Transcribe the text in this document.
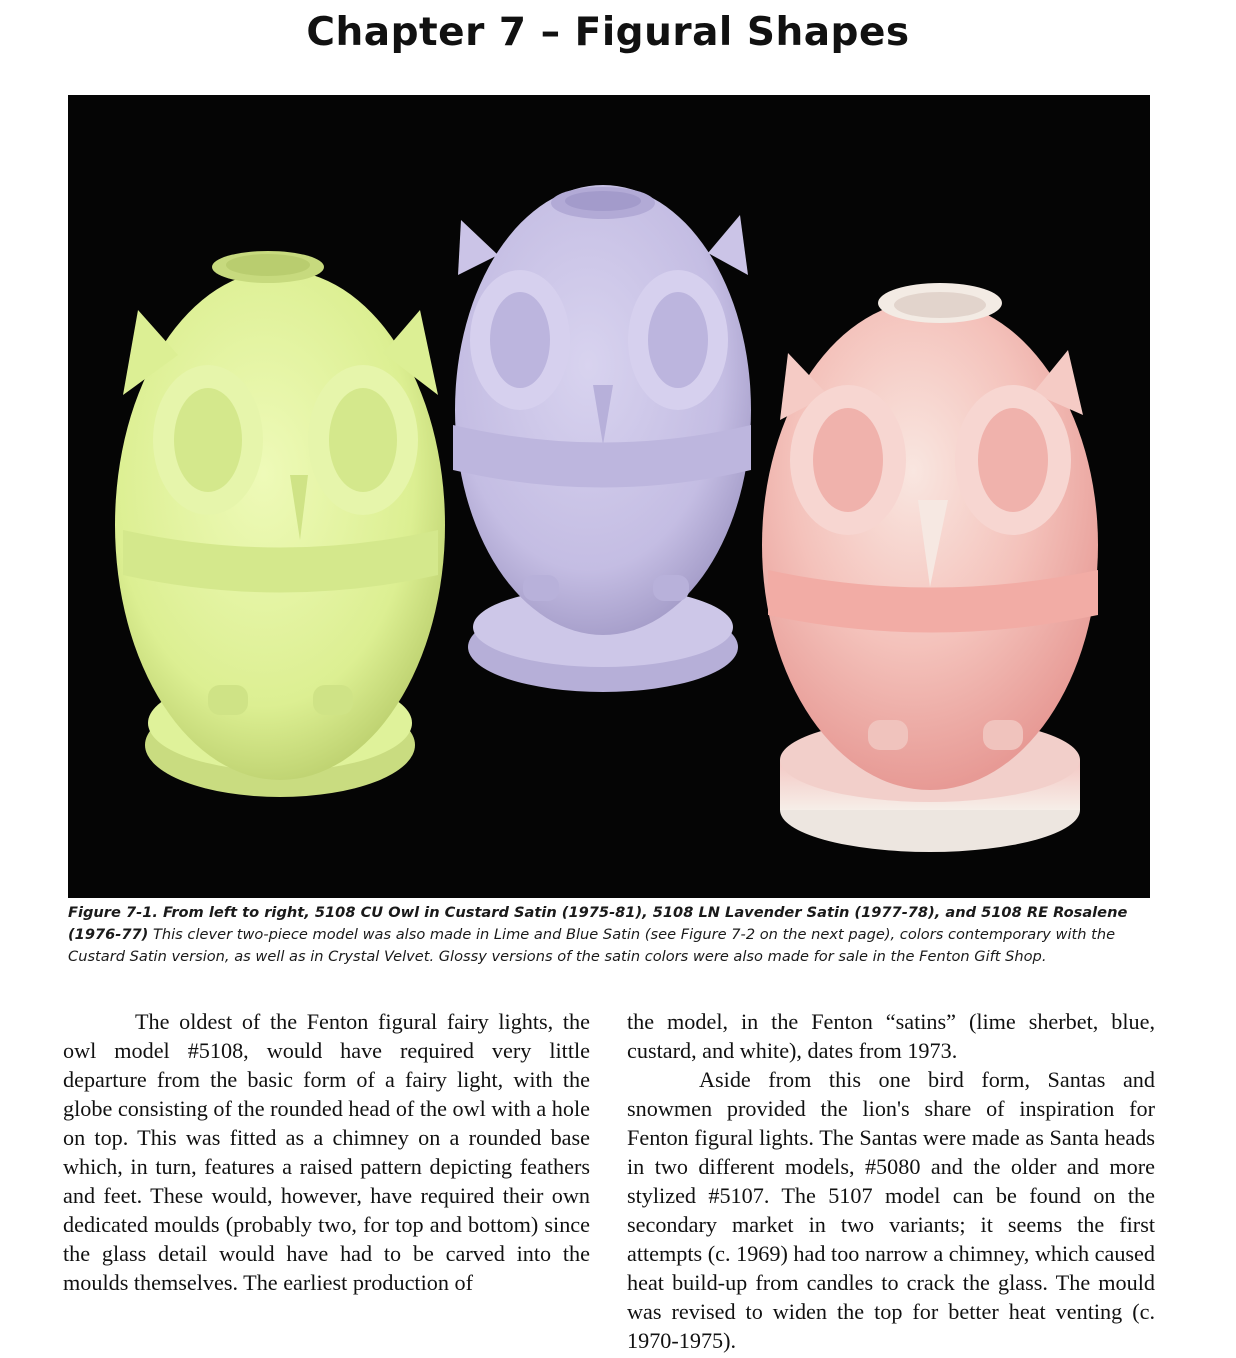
Chapter 7 – Figural Shapes
Figure 7-1. From left to right, 5108 CU Owl in Custard Satin (1975-81), 5108 LN Lavender Satin (1977-78), and 5108 RE Rosalene (1976-77) This clever two-piece model was also made in Lime and Blue Satin (see Figure 7-2 on the next page), colors contemporary with the Custard Satin version, as well as in Crystal Velvet. Glossy versions of the satin colors were also made for sale in the Fenton Gift Shop.

The oldest of the Fenton figural fairy lights, the owl model #5108, would have required very little departure from the basic form of a fairy light, with the globe consisting of the rounded head of the owl with a hole on top. This was fitted as a chimney on a rounded base which, in turn, features a raised pattern depicting feathers and feet. These would, however, have required their own dedicated moulds (probably two, for top and bottom) since the glass detail would have had to be carved into the moulds themselves. The earliest production of

the model, in the Fenton “satins” (lime sherbet, blue, custard, and white), dates from 1973.

Aside from this one bird form, Santas and snowmen provided the lion's share of inspiration for Fenton figural lights. The Santas were made as Santa heads in two different models, #5080 and the older and more stylized #5107. The 5107 model can be found on the secondary market in two variants; it seems the first attempts (c. 1969) had too narrow a chimney, which caused heat build-up from candles to crack the glass. The mould was revised to widen the top for better heat venting (c. 1970-1975).
